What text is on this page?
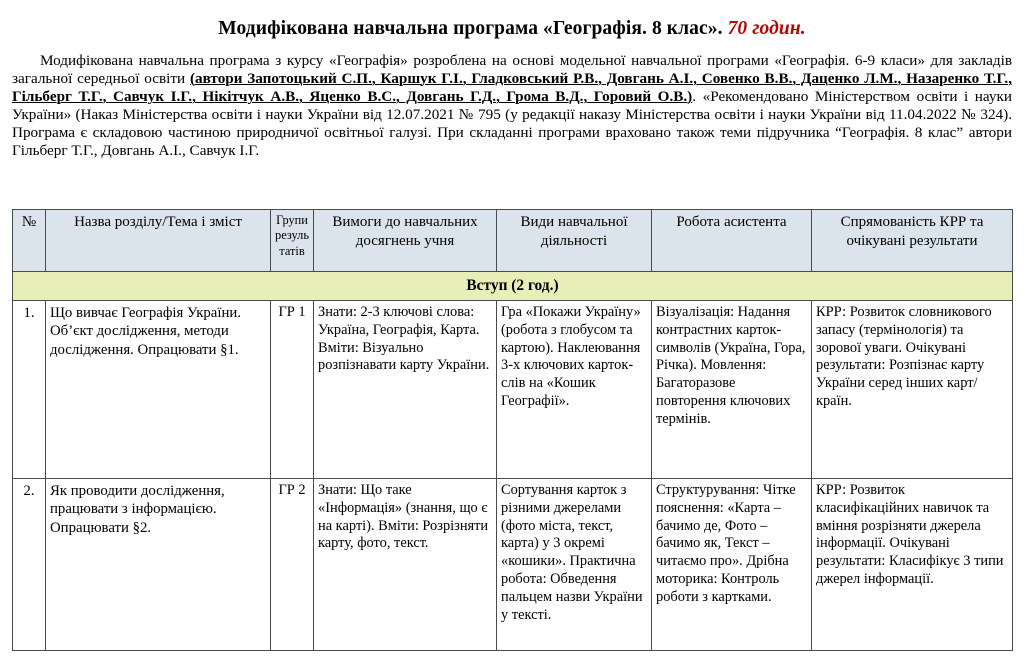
Модифікована навчальна програма «Географія. 8 клас». 70 годин.

Модифікована навчальна програма з курсу «Географія» розроблена на основі модельної навчальної програми «Географія. 6-9 класи» для закладів загальної середньої освіти (автори Запотоцький С.П., Каршук Г.І., Гладковський Р.В., Довгань А.І., Совенко В.В., Даценко Л.М., Назаренко Т.Г., Гільберг Т.Г., Савчук І.Г., Нікітчук А.В., Яценко В.С., Довгань Г.Д., Грома В.Д., Горовий О.В.). «Рекомендовано Міністерством освіти і науки України» (Наказ Міністерства освіти і науки України від 12.07.2021 № 795 (у редакції наказу Міністерства освіти і науки України від 11.04.2022 № 324). Програма є складовою частиною природничої освітньої галузі. При складанні програми враховано також теми підручника “Географія. 8 клас” автори Гільберг Т.Г., Довгань А.І., Савчук І.Г.

№	Назва розділу/Тема і зміст	Групи резуль татів	Вимоги до навчальних досягнень учня	Види навчальної діяльності	Робота асистента	Спрямованість КРР та очікувані результати
Вступ (2 год.)						
1.	Що вивчає Географія України. Об’єкт дослідження, методи дослідження. Опрацювати §1.	ГР 1	Знати: 2-3 ключові слова: Україна, Географія, Карта. Вміти: Візуально розпізнавати карту України.	Гра «Покажи Україну» (робота з глобусом та картою). Наклеювання 3-х ключових карток-слів на «Кошик Географії».	Візуалізація: Надання контрастних карток-символів (Україна, Гора, Річка). Мовлення: Багаторазове повторення ключових термінів.	КРР: Розвиток словникового запасу (термінологія) та зорової уваги. Очікувані результати: Розпізнає карту України серед інших карт/країн.
2.	Як проводити дослідження, працювати з інформацією. Опрацювати §2.	ГР 2	Знати: Що таке «Інформація» (знання, що є на карті). Вміти: Розрізняти карту, фото, текст.	Сортування карток з різними джерелами (фото міста, текст, карта) у 3 окремі «кошики». Практична робота: Обведення пальцем назви України у тексті.	Структурування: Чітке пояснення: «Карта – бачимо де, Фото – бачимо як, Текст – читаємо про». Дрібна моторика: Контроль роботи з картками.	КРР: Розвиток класифікаційних навичок та вміння розрізняти джерела інформації. Очікувані результати: Класифікує 3 типи джерел інформації.
